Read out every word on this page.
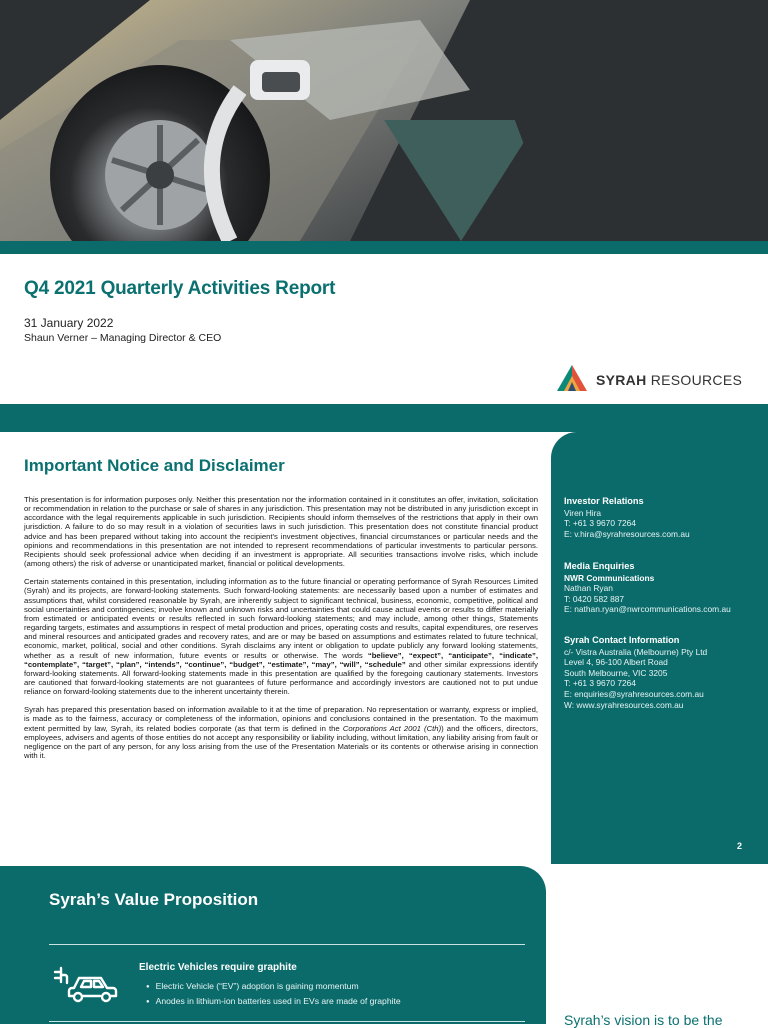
Q4 2021 Quarterly Activities Report
31 January 2022
Shaun Verner – Managing Director & CEO
SYRAH RESOURCES
Important Notice and Disclaimer

This presentation is for information purposes only. Neither this presentation nor the information contained in it constitutes an offer, invitation, solicitation or recommendation in relation to the purchase or sale of shares in any jurisdiction. This presentation may not be distributed in any jurisdiction except in accordance with the legal requirements applicable in such jurisdiction. Recipients should inform themselves of the restrictions that apply in their own jurisdiction. A failure to do so may result in a violation of securities laws in such jurisdiction. This presentation does not constitute financial product advice and has been prepared without taking into account the recipient's investment objectives, financial circumstances or particular needs and the opinions and recommendations in this presentation are not intended to represent recommendations of particular investments to particular persons. Recipients should seek professional advice when deciding if an investment is appropriate. All securities transactions involve risks, which include (among others) the risk of adverse or unanticipated market, financial or political developments.

Certain statements contained in this presentation, including information as to the future financial or operating performance of Syrah Resources Limited (Syrah) and its projects, are forward-looking statements. Such forward-looking statements: are necessarily based upon a number of estimates and assumptions that, whilst considered reasonable by Syrah, are inherently subject to significant technical, business, economic, competitive, political and social uncertainties and contingencies; involve known and unknown risks and uncertainties that could cause actual events or results to differ materially from estimated or anticipated events or results reflected in such forward-looking statements; and may include, among other things, Statements regarding targets, estimates and assumptions in respect of metal production and prices, operating costs and results, capital expenditures, ore reserves and mineral resources and anticipated grades and recovery rates, and are or may be based on assumptions and estimates related to future technical, economic, market, political, social and other conditions. Syrah disclaims any intent or obligation to update publicly any forward looking statements, whether as a result of new information, future events or results or otherwise. The words “believe”, “expect”, “anticipate”, “indicate”, “contemplate”, “target”, “plan”, “intends”, “continue”, “budget”, “estimate”, “may”, “will”, “schedule” and other similar expressions identify forward-looking statements. All forward-looking statements made in this presentation are qualified by the foregoing cautionary statements. Investors are cautioned that forward-looking statements are not guarantees of future performance and accordingly investors are cautioned not to put undue reliance on forward-looking statements due to the inherent uncertainty therein.

Syrah has prepared this presentation based on information available to it at the time of preparation. No representation or warranty, express or implied, is made as to the fairness, accuracy or completeness of the information, opinions and conclusions contained in the presentation. To the maximum extent permitted by law, Syrah, its related bodies corporate (as that term is defined in the Corporations Act 2001 (Cth)) and the officers, directors, employees, advisers and agents of those entities do not accept any responsibility or liability including, without limitation, any liability arising from fault or negligence on the part of any person, for any loss arising from the use of the Presentation Materials or its contents or otherwise arising in connection with it.

Investor Relations
Viren Hira
T: +61 3 9670 7264
E: v.hira@syrahresources.com.au
Media Enquiries
NWR Communications
Nathan Ryan
T: 0420 582 887
E: nathan.ryan@nwrcommunications.com.au
Syrah Contact Information
c/- Vistra Australia (Melbourne) Pty Ltd
Level 4, 96-100 Albert Road
South Melbourne, VIC 3205
T: +61 3 9670 7264
E: enquiries@syrahresources.com.au
W: www.syrahresources.com.au
2
Syrah’s Value Proposition
Electric Vehicles require graphite
● Electric Vehicle (“EV”) adoption is gaining momentum
● Anodes in lithium-ion batteries used in EVs are made of graphite
Syrah’s vision is to be the
